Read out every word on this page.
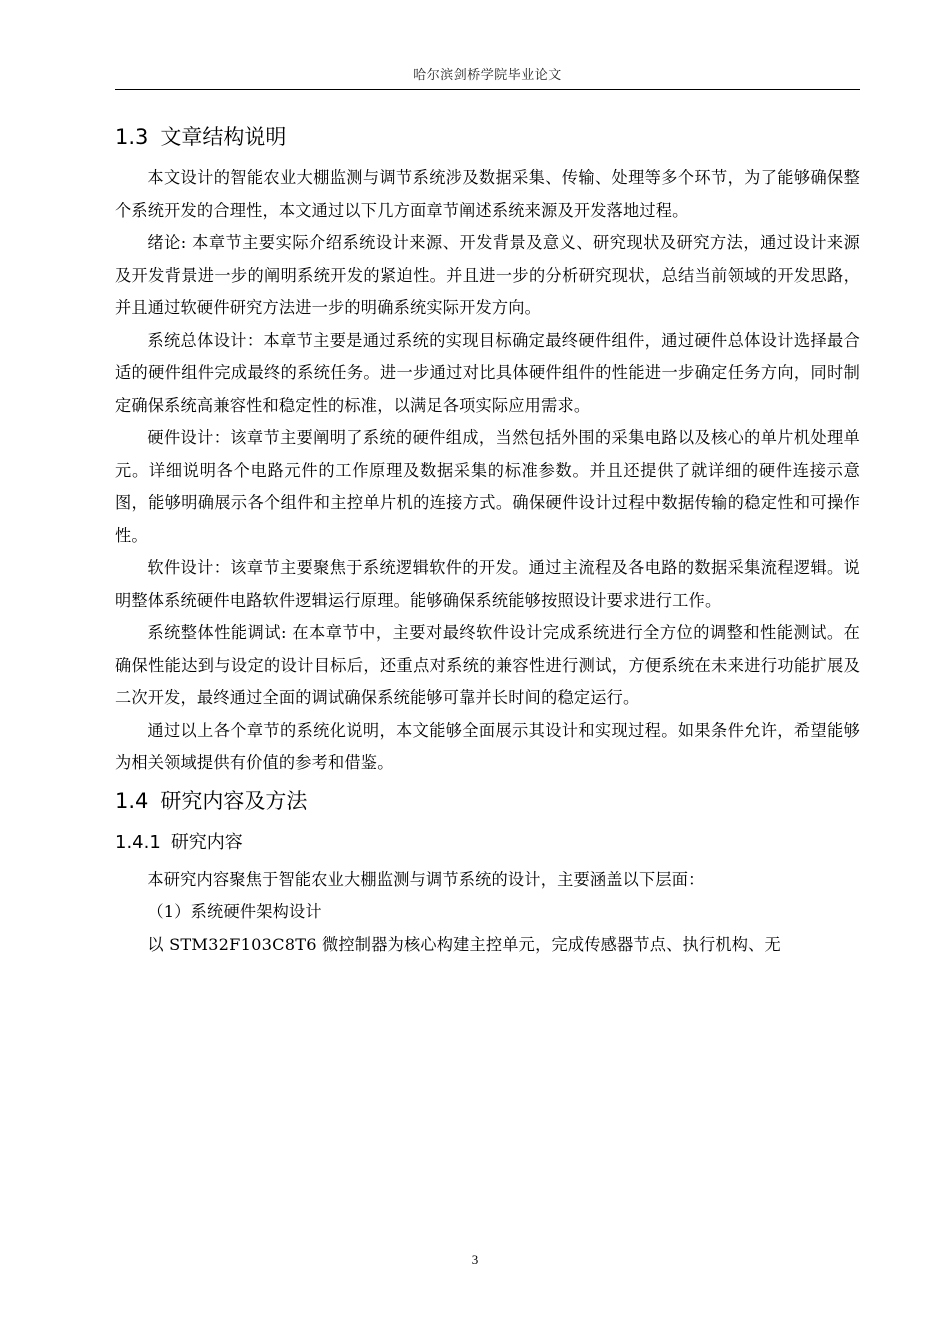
哈尔滨剑桥学院毕业论文
1.3 文章结构说明

本文设计的智能农业大棚监测与调节系统涉及数据采集、传输、处理等多个环节，为了能够确保整个系统开发的合理性，本文通过以下几方面章节阐述系统来源及开发落地过程。

绪论: 本章节主要实际介绍系统设计来源、开发背景及意义、研究现状及研究方法，通过设计来源及开发背景进一步的阐明系统开发的紧迫性。并且进一步的分析研究现状，总结当前领域的开发思路，并且通过软硬件研究方法进一步的明确系统实际开发方向。

系统总体设计：本章节主要是通过系统的实现目标确定最终硬件组件，通过硬件总体设计选择最合适的硬件组件完成最终的系统任务。进一步通过对比具体硬件组件的性能进一步确定任务方向，同时制定确保系统高兼容性和稳定性的标准，以满足各项实际应用需求。

硬件设计：该章节主要阐明了系统的硬件组成，当然包括外围的采集电路以及核心的单片机处理单元。详细说明各个电路元件的工作原理及数据采集的标准参数。并且还提供了就详细的硬件连接示意图，能够明确展示各个组件和主控单片机的连接方式。确保硬件设计过程中数据传输的稳定性和可操作性。

软件设计：该章节主要聚焦于系统逻辑软件的开发。通过主流程及各电路的数据采集流程逻辑。说明整体系统硬件电路软件逻辑运行原理。能够确保系统能够按照设计要求进行工作。

系统整体性能调试: 在本章节中，主要对最终软件设计完成系统进行全方位的调整和性能测试。在确保性能达到与设定的设计目标后，还重点对系统的兼容性进行测试，方便系统在未来进行功能扩展及二次开发，最终通过全面的调试确保系统能够可靠并长时间的稳定运行。

通过以上各个章节的系统化说明，本文能够全面展示其设计和实现过程。如果条件允许，希望能够为相关领域提供有价值的参考和借鉴。

1.4 研究内容及方法
1.4.1 研究内容

本研究内容聚焦于智能农业大棚监测与调节系统的设计，主要涵盖以下层面：

（1）系统硬件架构设计

以 STM32F103C8T6 微控制器为核心构建主控单元，完成传感器节点、执行机构、无

3
